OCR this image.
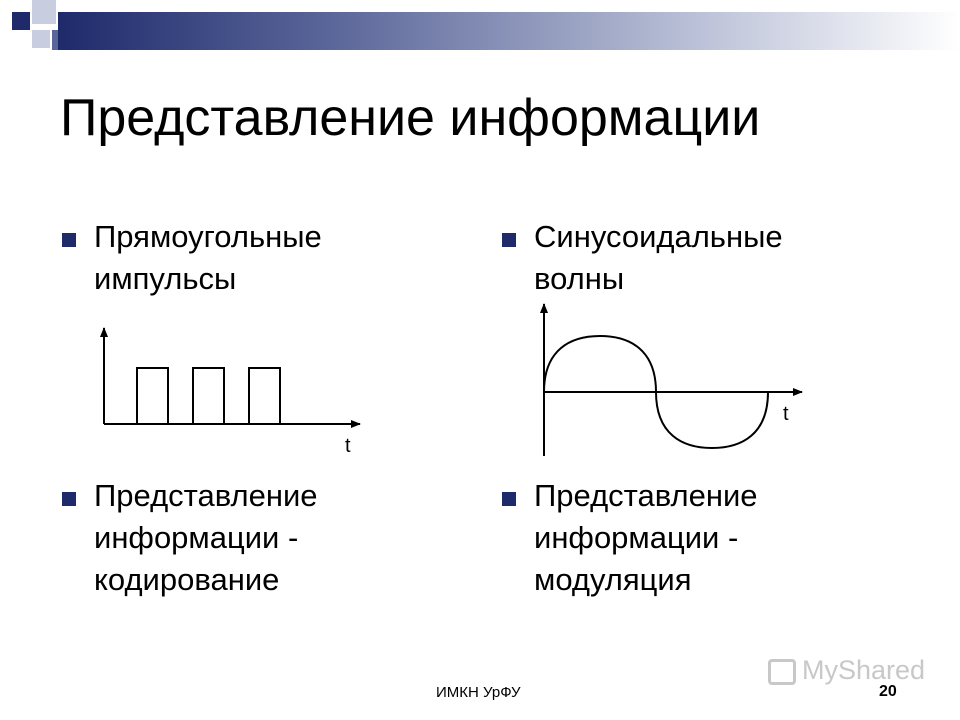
Представление информации

Прямоугольные
импульсы

Представление
информации -
кодирование

Синусоидальные
волны

Представление
информации -
модуляция

t
t
MyShared
ИМКН УрФУ	20
